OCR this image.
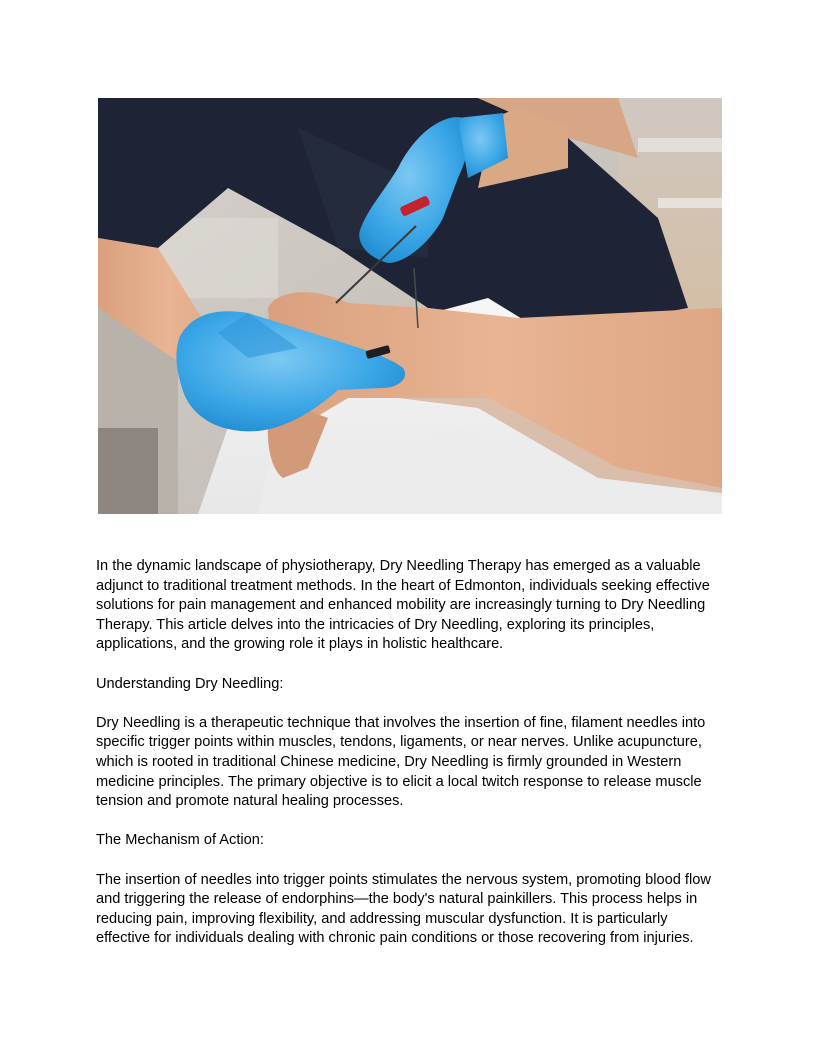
In the dynamic landscape of physiotherapy, Dry Needling Therapy has emerged as a valuable adjunct to traditional treatment methods. In the heart of Edmonton, individuals seeking effective solutions for pain management and enhanced mobility are increasingly turning to Dry Needling Therapy. This article delves into the intricacies of Dry Needling, exploring its principles, applications, and the growing role it plays in holistic healthcare.

Understanding Dry Needling:

Dry Needling is a therapeutic technique that involves the insertion of fine, filament needles into specific trigger points within muscles, tendons, ligaments, or near nerves. Unlike acupuncture, which is rooted in traditional Chinese medicine, Dry Needling is firmly grounded in Western medicine principles. The primary objective is to elicit a local twitch response to release muscle tension and promote natural healing processes.

The Mechanism of Action:

The insertion of needles into trigger points stimulates the nervous system, promoting blood flow and triggering the release of endorphins—the body's natural painkillers. This process helps in reducing pain, improving flexibility, and addressing muscular dysfunction. It is particularly effective for individuals dealing with chronic pain conditions or those recovering from injuries.
